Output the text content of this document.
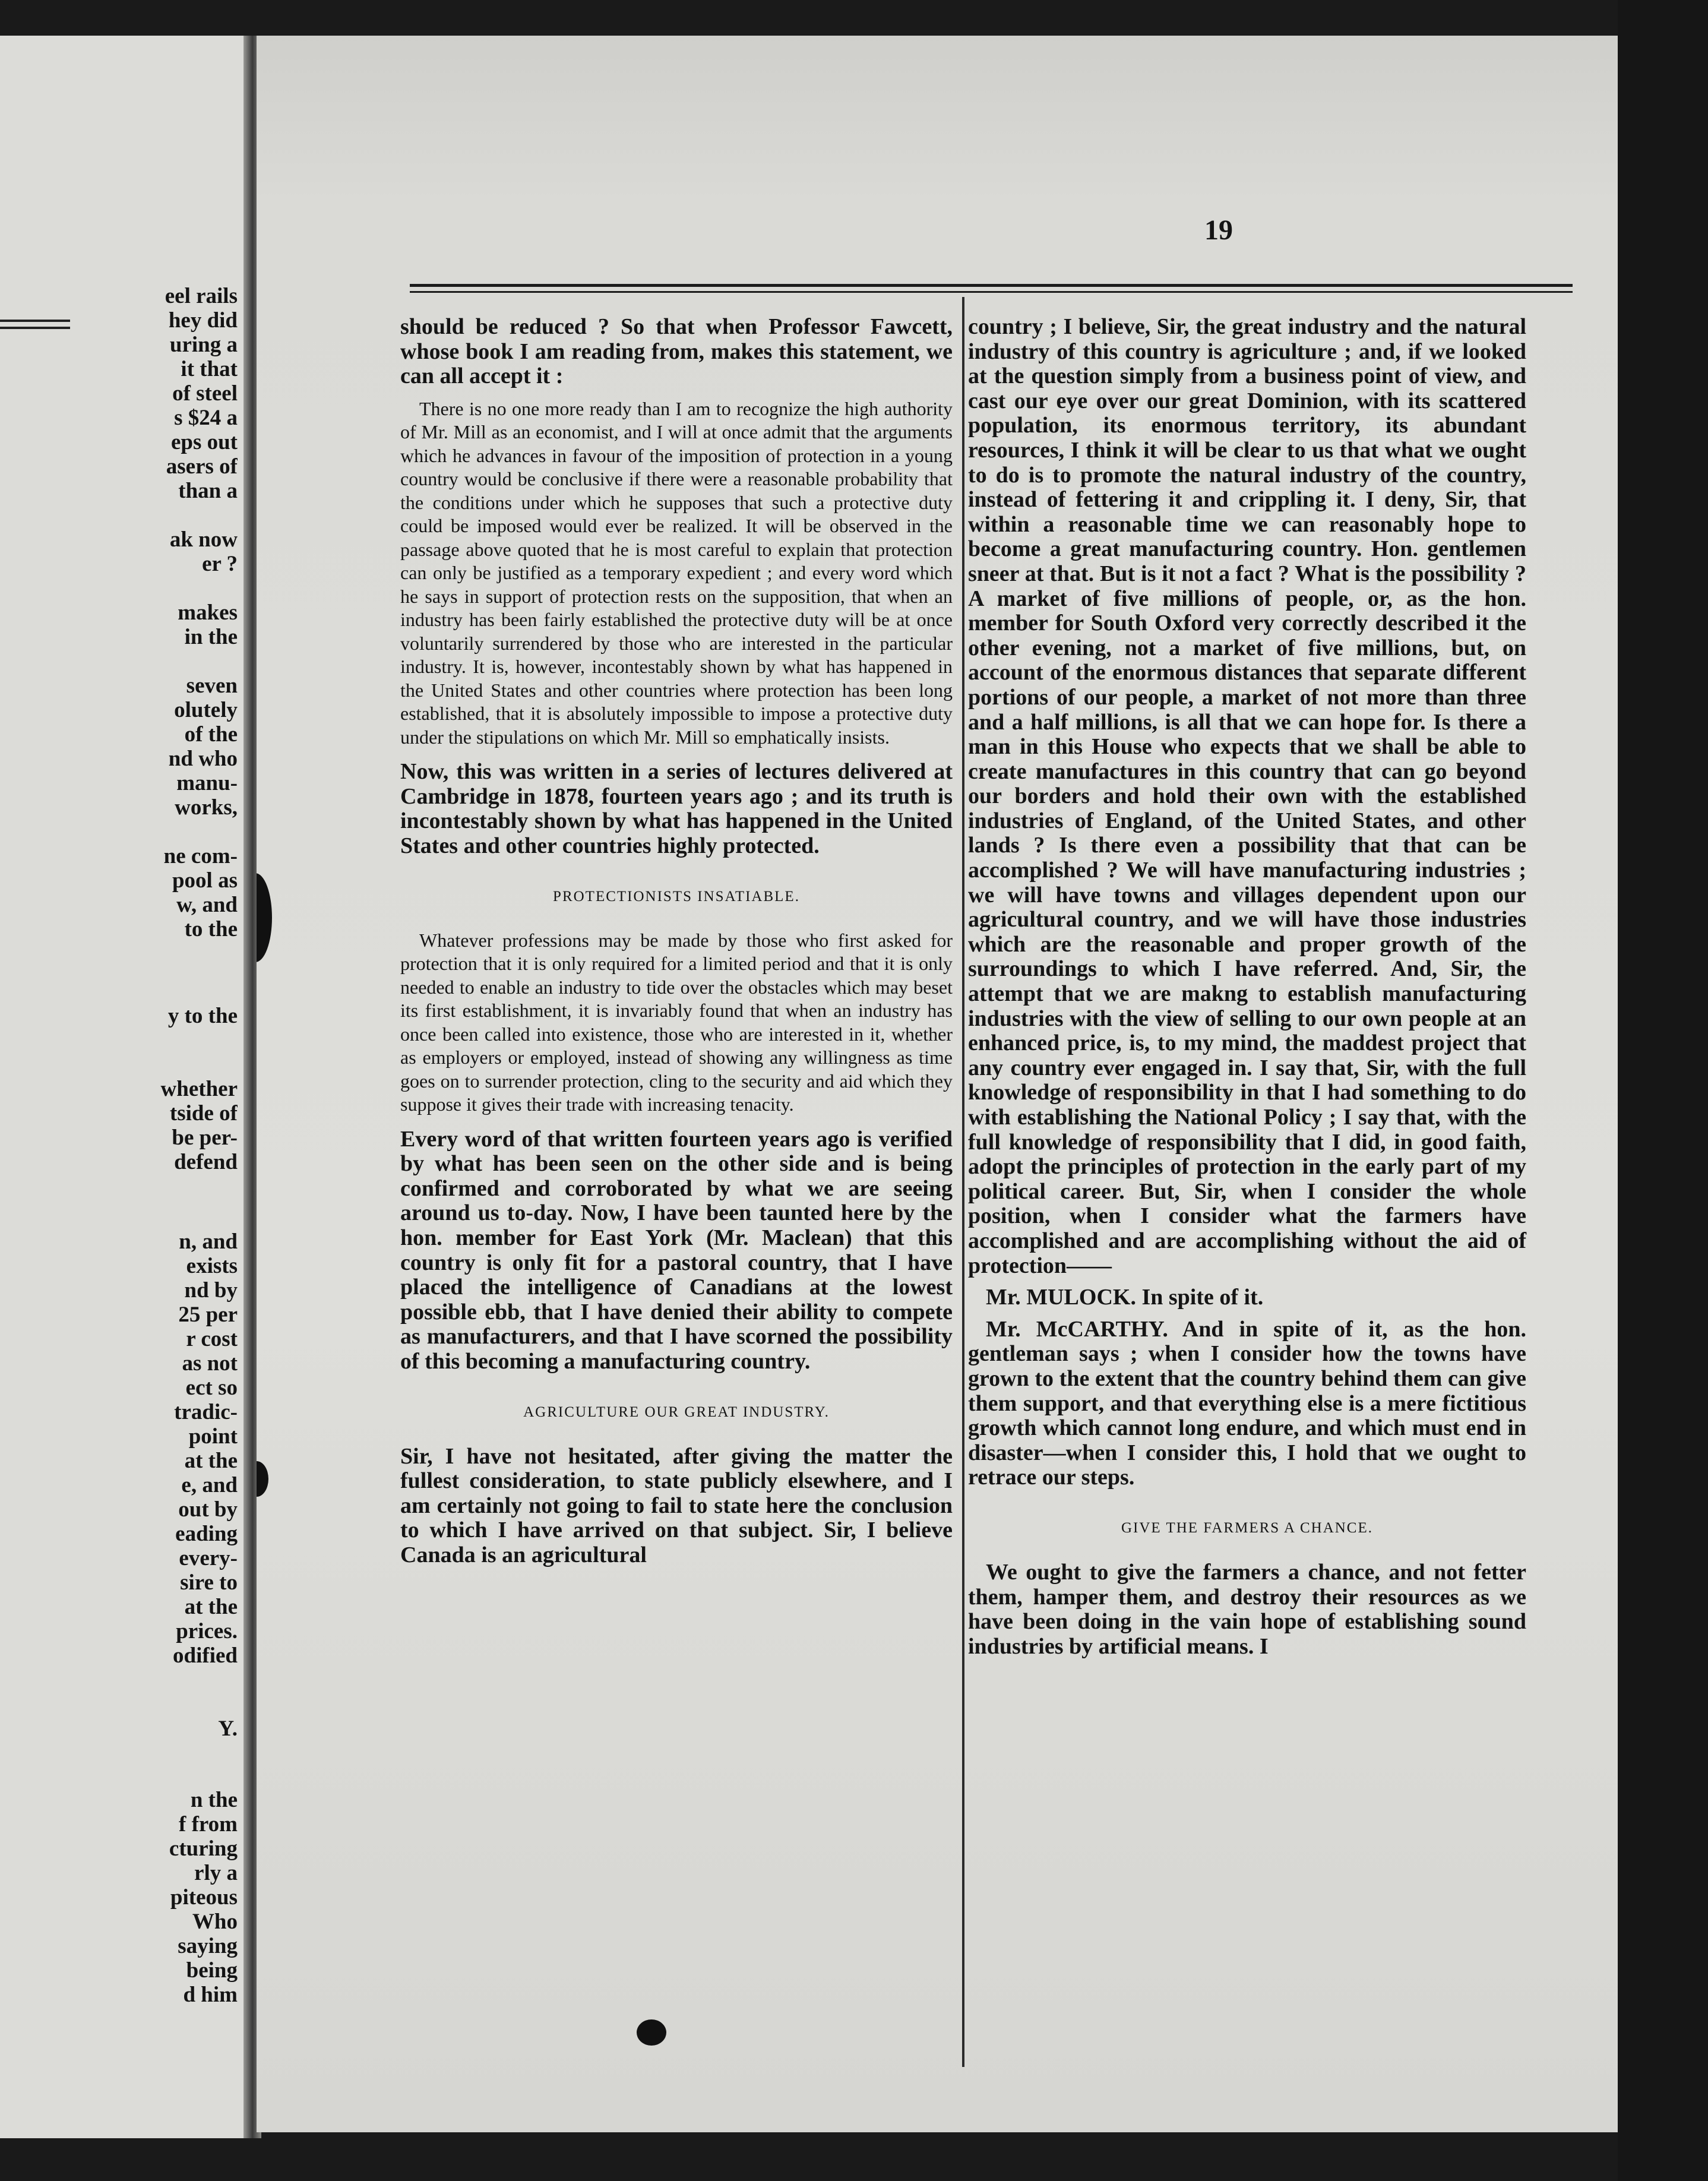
eel rails
hey did
uring a
it that
of steel
s $24 a
eps out
asers of
than a
ak now
er ?
makes
in the
seven
olutely
of the
nd who
manu-
works,
ne com-
pool as
w, and
to the
y to the
whether
tside of
be per-
defend
n, and
exists
nd by
25 per
r cost
as not
ect so
tradic-
point
at the
e, and
out by
eading
every-
sire to
at the
prices.
odified
Y.
n the
f from
cturing
rly a
piteous
Who
saying
being
d him
19

should be reduced ? So that when Professor Fawcett, whose book I am reading from, makes this statement, we can all accept it :

There is no one more ready than I am to recognize the high authority of Mr. Mill as an economist, and I will at once admit that the arguments which he advances in favour of the imposition of protection in a young country would be conclusive if there were a reasonable probability that the conditions under which he supposes that such a protective duty could be imposed would ever be realized. It will be observed in the passage above quoted that he is most careful to explain that protection can only be justified as a temporary expedient ; and every word which he says in support of protection rests on the supposition, that when an industry has been fairly established the protective duty will be at once voluntarily surrendered by those who are interested in the particular industry. It is, however, incontestably shown by what has happened in the United States and other countries where protection has been long established, that it is absolutely impossible to impose a protective duty under the stipulations on which Mr. Mill so emphatically insists.

Now, this was written in a series of lectures delivered at Cambridge in 1878, fourteen years ago ; and its truth is incontestably shown by what has happened in the United States and other countries highly protected.

PROTECTIONISTS INSATIABLE.

Whatever professions may be made by those who first asked for protection that it is only required for a limited period and that it is only needed to enable an industry to tide over the obstacles which may beset its first establishment, it is invariably found that when an industry has once been called into existence, those who are interested in it, whether as employers or employed, instead of showing any willingness as time goes on to surrender protection, cling to the security and aid which they suppose it gives their trade with increasing tenacity.

Every word of that written fourteen years ago is verified by what has been seen on the other side and is being confirmed and corroborated by what we are seeing around us to-day. Now, I have been taunted here by the hon. member for East York (Mr. Maclean) that this country is only fit for a pastoral country, that I have placed the intelligence of Canadians at the lowest possible ebb, that I have denied their ability to compete as manufacturers, and that I have scorned the possibility of this becoming a manufacturing country.

AGRICULTURE OUR GREAT INDUSTRY.

Sir, I have not hesitated, after giving the matter the fullest consideration, to state publicly elsewhere, and I am certainly not going to fail to state here the conclusion to which I have arrived on that subject. Sir, I believe Canada is an agricultural

country ; I believe, Sir, the great industry and the natural industry of this country is agriculture ; and, if we looked at the question simply from a business point of view, and cast our eye over our great Dominion, with its scattered population, its enormous territory, its abundant resources, I think it will be clear to us that what we ought to do is to promote the natural industry of the country, instead of fettering it and crippling it. I deny, Sir, that within a reasonable time we can reasonably hope to become a great manufacturing country. Hon. gentlemen sneer at that. But is it not a fact ? What is the possibility ? A market of five millions of people, or, as the hon. member for South Oxford very correctly described it the other evening, not a market of five millions, but, on account of the enormous distances that separate different portions of our people, a market of not more than three and a half millions, is all that we can hope for. Is there a man in this House who expects that we shall be able to create manufactures in this country that can go beyond our borders and hold their own with the established industries of England, of the United States, and other lands ? Is there even a possibility that that can be accomplished ? We will have manufacturing industries ; we will have towns and villages dependent upon our agricultural country, and we will have those industries which are the reasonable and proper growth of the surroundings to which I have referred. And, Sir, the attempt that we are makng to establish manufacturing industries with the view of selling to our own people at an enhanced price, is, to my mind, the maddest project that any country ever engaged in. I say that, Sir, with the full knowledge of responsibility in that I had something to do with establishing the National Policy ; I say that, with the full knowledge of responsibility that I did, in good faith, adopt the principles of protection in the early part of my political career. But, Sir, when I consider the whole position, when I consider what the farmers have accomplished and are accomplishing without the aid of protection——

Mr. MULOCK. In spite of it.

Mr. McCARTHY. And in spite of it, as the hon. gentleman says ; when I consider how the towns have grown to the extent that the country behind them can give them support, and that everything else is a mere fictitious growth which cannot long endure, and which must end in disaster—when I consider this, I hold that we ought to retrace our steps.

GIVE THE FARMERS A CHANCE.

We ought to give the farmers a chance, and not fetter them, hamper them, and destroy their resources as we have been doing in the vain hope of establishing sound industries by artificial means. I
